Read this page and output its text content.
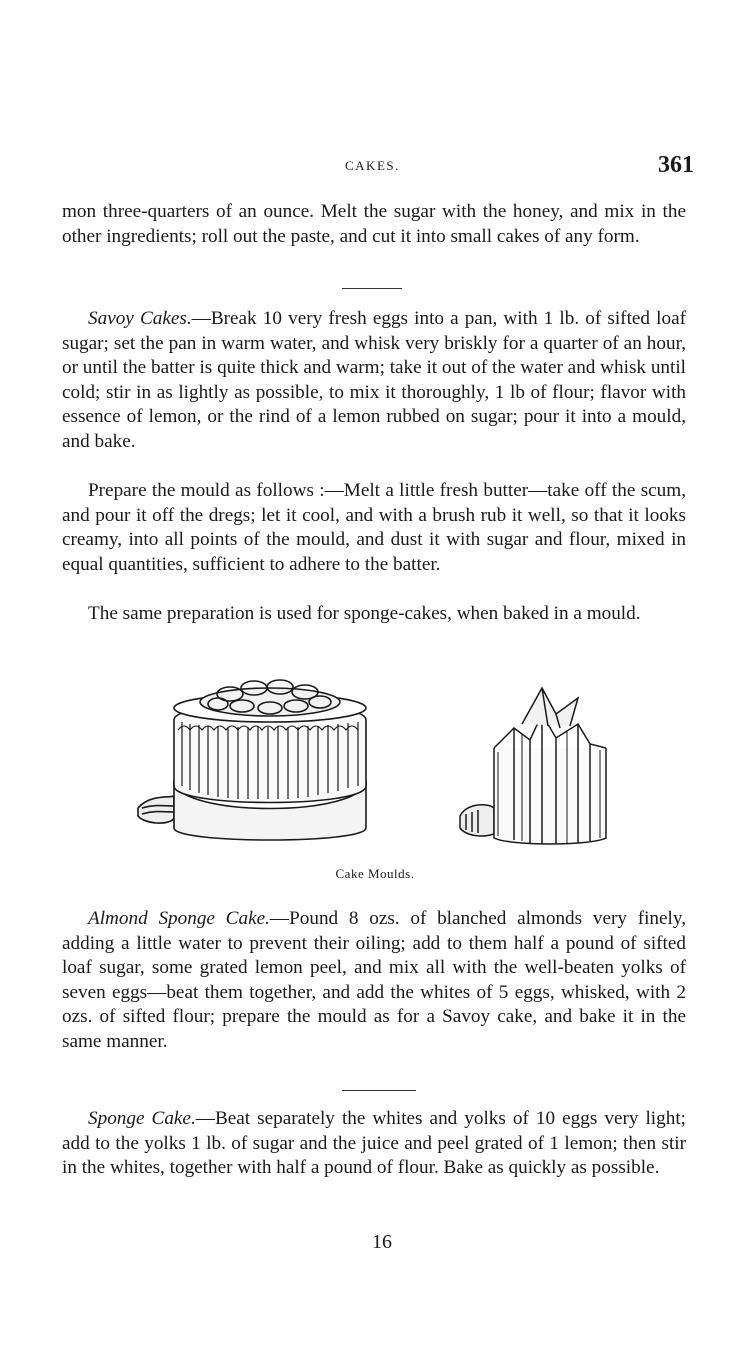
CAKES.	361

mon three-quarters of an ounce. Melt the sugar with the honey, and mix in the other ingredients; roll out the paste, and cut it into small cakes of any form.

Savoy Cakes.—Break 10 very fresh eggs into a pan, with 1 lb. of sifted loaf sugar; set the pan in warm water, and whisk very briskly for a quarter of an hour, or until the batter is quite thick and warm; take it out of the water and whisk until cold; stir in as lightly as possible, to mix it thoroughly, 1 lb of flour; flavor with essence of lemon, or the rind of a lemon rubbed on sugar; pour it into a mould, and bake.

Prepare the mould as follows :—Melt a little fresh butter—take off the scum, and pour it off the dregs; let it cool, and with a brush rub it well, so that it looks creamy, into all points of the mould, and dust it with sugar and flour, mixed in equal quantities, sufficient to adhere to the batter.

The same preparation is used for sponge-cakes, when baked in a mould.

Cake Moulds.

Almond Sponge Cake.—Pound 8 ozs. of blanched almonds very finely, adding a little water to prevent their oiling; add to them half a pound of sifted loaf sugar, some grated lemon peel, and mix all with the well-beaten yolks of seven eggs—beat them together, and add the whites of 5 eggs, whisked, with 2 ozs. of sifted flour; prepare the mould as for a Savoy cake, and bake it in the same manner.

Sponge Cake.—Beat separately the whites and yolks of 10 eggs very light; add to the yolks 1 lb. of sugar and the juice and peel grated of 1 lemon; then stir in the whites, together with half a pound of flour. Bake as quickly as possible.

16
